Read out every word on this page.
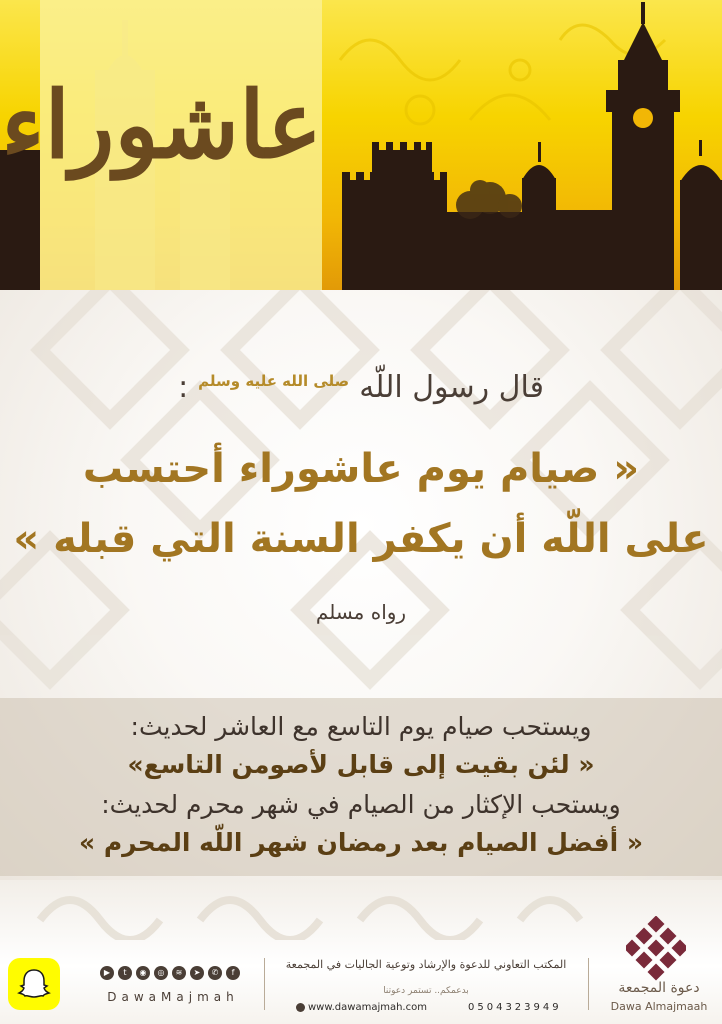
عاشوراء
قال رسول اللّه
صلى الله عليه وسلم
:
« صيام يوم عاشوراء أحتسب
على اللّه أن يكفر السنة التي قبله »
رواه مسلم
ويستحب صيام يوم التاسع مع العاشر لحديث:
« لئن بقيت إلى قابل لأصومن التاسع»
ويستحب الإكثار من الصيام في شهر محرم لحديث:
« أفضل الصيام بعد رمضان شهر اللّه المحرم »
▶	t	◉	◎	≋	➤	✆	f
DawaMajmah
المكتب التعاوني للدعوة والإرشاد وتوعية الجاليات في المجمعة
بدعمكم.. تستمر دعوتنا
www.dawamajmah.com	0504323949
دعوة المجمعة
Dawa Almajmaah
